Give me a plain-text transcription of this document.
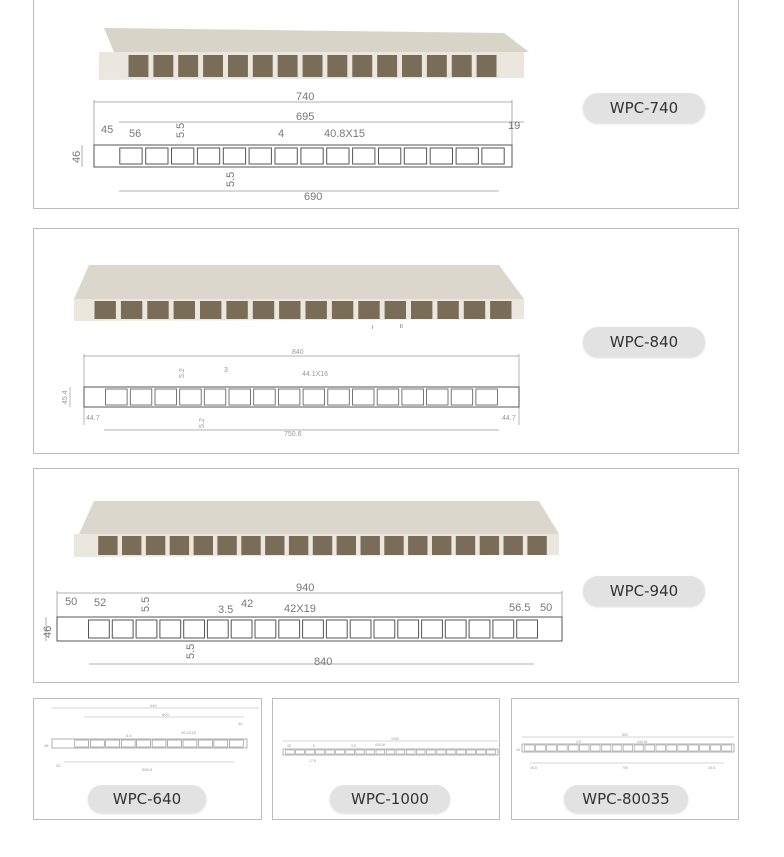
740
695
45	19
56	5.5	4	40.8X15
46
5.5
690
WPC-740
I	II
840
5.2	3
44.1X16
45.4
44.7	44.7
5.2
750.6
WPC-840
940
50 52	5.5	3.5 42	42X19	56.5 50
46
5.5
840
WPC-940
640
600
46
40.2X15
5.5
20
558.8
40
WPC-640
1000
45	5	3.5	40X16
17.8
WPC-1000
800
745
44X16
35.8	35.8
2.5
35
WPC-80035
